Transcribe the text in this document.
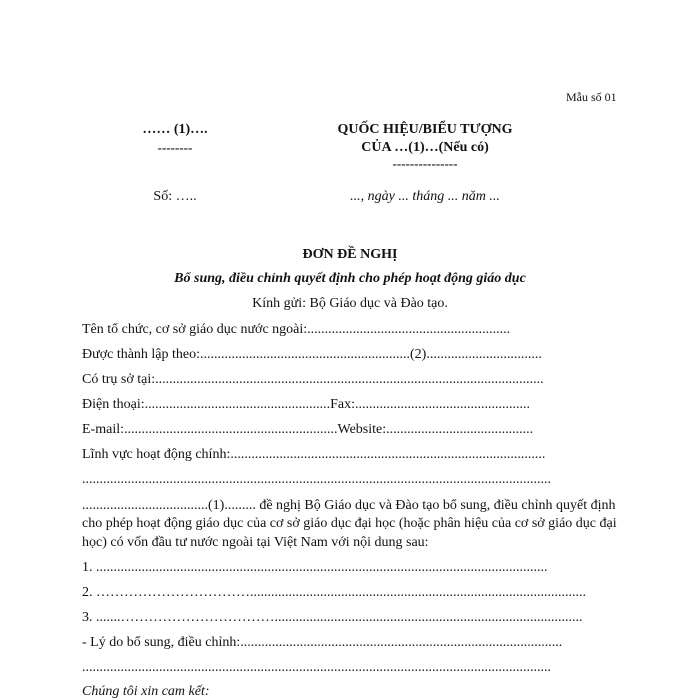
Mẫu số 01
…… (1)….
--------
QUỐC HIỆU/BIỂU TƯỢNG
CỦA …(1)…(Nếu có)
---------------
Số: …..	..., ngày ... tháng ... năm ...
ĐƠN ĐỀ NGHỊ
Bổ sung, điều chỉnh quyết định cho phép hoạt động giáo dục
Kính gửi: Bộ Giáo dục và Đào tạo.
Tên tổ chức, cơ sở giáo dục nước ngoài:..........................................................
Được thành lập theo:............................................................(2).................................
Có trụ sở tại:...............................................................................................................
Điện thoại:.....................................................Fax:..................................................
E-mail:.............................................................Website:..........................................
Lĩnh vực hoạt động chính:..........................................................................................
......................................................................................................................................
....................................(1)......... đề nghị Bộ Giáo dục và Đào tạo bổ sung, điều chỉnh quyết định
cho phép hoạt động giáo dục của cơ sở giáo dục đại học (hoặc phân hiệu của cơ sở giáo dục đại
học) có vốn đầu tư nước ngoài tại Việt Nam với nội dung sau:
1. .................................................................................................................................
2. ……………………………................................................................................................
3. .......……………………………........................................................................................
- Lý do bổ sung, điều chỉnh:............................................................................................
......................................................................................................................................
Chúng tôi xin cam kết:
